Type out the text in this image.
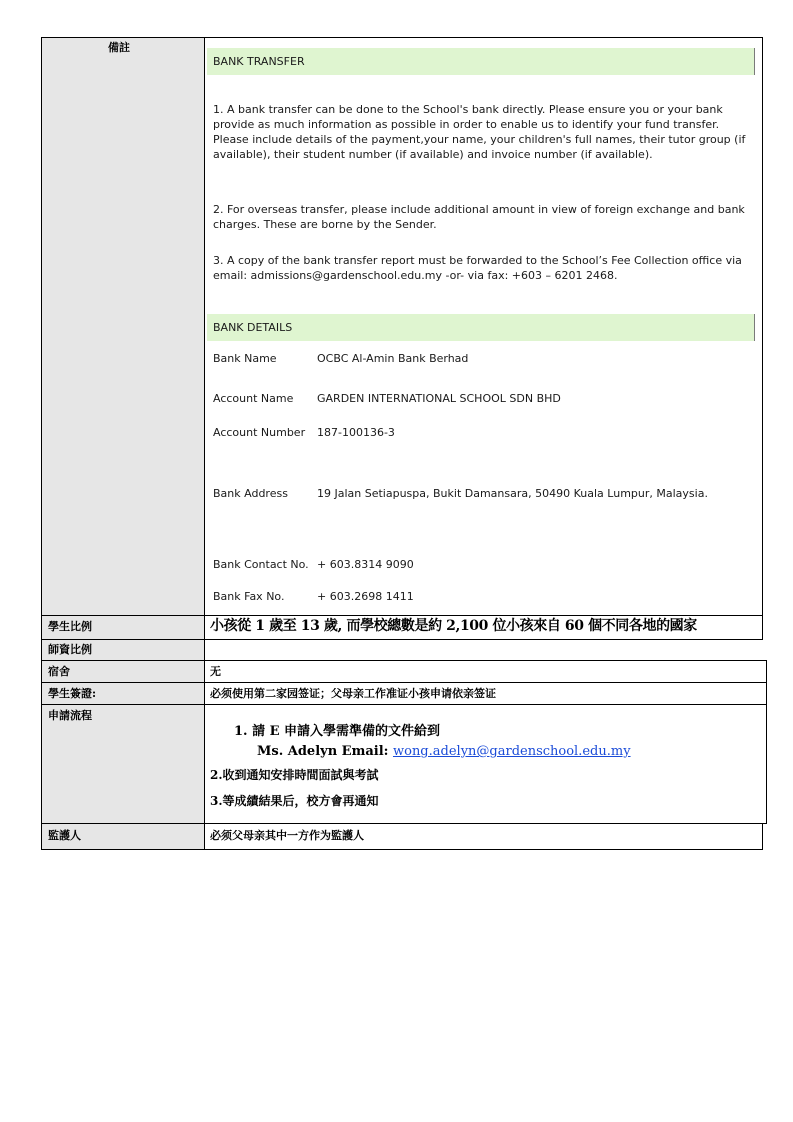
備註
BANK TRANSFER
1. A bank transfer can be done to the School's bank directly. Please ensure you or your bank provide as much information as possible in order to enable us to identify your fund transfer. Please include details of the payment,your name, your children's full names, their tutor group (if available), their student number (if available) and invoice number (if available).
2. For overseas transfer, please include additional amount in view of foreign exchange and bank charges. These are borne by the Sender.
3. A copy of the bank transfer report must be forwarded to the School’s Fee Collection office via email: admissions@gardenschool.edu.my -or- via fax: +603 – 6201 2468.
BANK DETAILS
Bank Name	OCBC Al-Amin Bank Berhad
Account Name GARDEN INTERNATIONAL SCHOOL SDN BHD
Account Number 187-100136-3
Bank Address	19 Jalan Setiapuspa, Bukit Damansara, 50490 Kuala Lumpur, Malaysia.
Bank Contact No. + 603.8314 9090
Bank Fax No.	+ 603.2698 1411
學生比例	小孩從 1 歲至 13 歲, 而學校總數是約 2,100 位小孩來自 60 個不同各地的國家
師資比例
宿舍	无
學生簽證:	必须使用第二家园签证；父母亲工作准证小孩申请依亲签证
申請流程
1. 請 E 申請入學需準備的文件給到
Ms. Adelyn Email: wong.adelyn@gardenschool.edu.my
2.收到通知安排時間面試與考試
3.等成績結果后，校方會再通知
監護人	必须父母亲其中一方作为監護人
